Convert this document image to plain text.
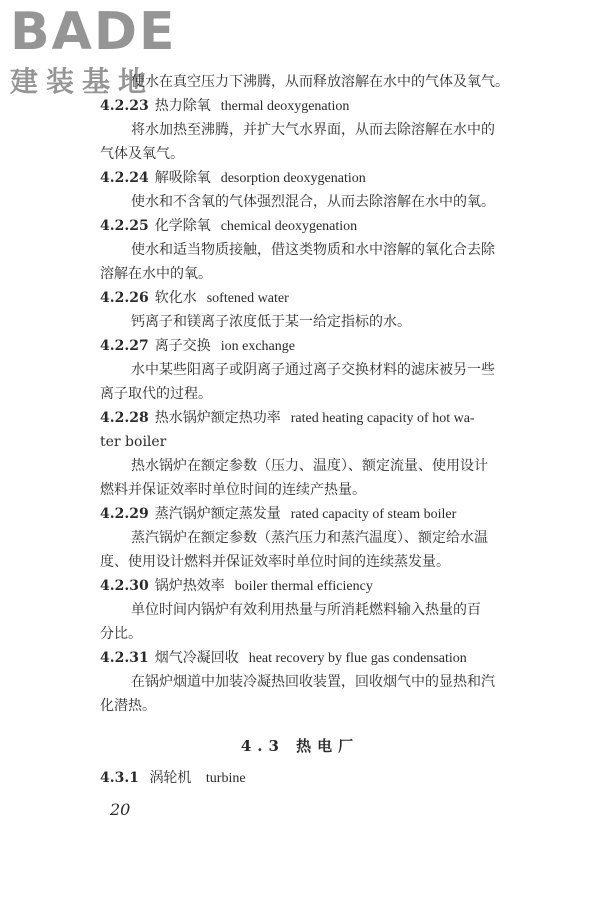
BADE
建装基地
使水在真空压力下沸腾，从而释放溶解在水中的气体及氧气。
4.2.23 热力除氧 thermal deoxygenation
将水加热至沸腾，并扩大气水界面，从而去除溶解在水中的
气体及氧气。
4.2.24 解吸除氧 desorption deoxygenation
使水和不含氧的气体强烈混合，从而去除溶解在水中的氧。
4.2.25 化学除氧 chemical deoxygenation
使水和适当物质接触，借这类物质和水中溶解的氧化合去除
溶解在水中的氧。
4.2.26 软化水 softened water
钙离子和镁离子浓度低于某一给定指标的水。
4.2.27 离子交换 ion exchange
水中某些阳离子或阴离子通过离子交换材料的滤床被另一些
离子取代的过程。
4.2.28 热水锅炉额定热功率 rated heating capacity of hot wa-
ter boiler
热水锅炉在额定参数（压力、温度）、额定流量、使用设计
燃料并保证效率时单位时间的连续产热量。
4.2.29 蒸汽锅炉额定蒸发量 rated capacity of steam boiler
蒸汽锅炉在额定参数（蒸汽压力和蒸汽温度）、额定给水温
度、使用设计燃料并保证效率时单位时间的连续蒸发量。
4.2.30 锅炉热效率 boiler thermal efficiency
单位时间内锅炉有效利用热量与所消耗燃料输入热量的百
分比。
4.2.31 烟气冷凝回收 heat recovery by flue gas condensation
在锅炉烟道中加装冷凝热回收装置，回收烟气中的显热和汽
化潜热。
4.3 热电厂
4.3.1 涡轮机 turbine
20
